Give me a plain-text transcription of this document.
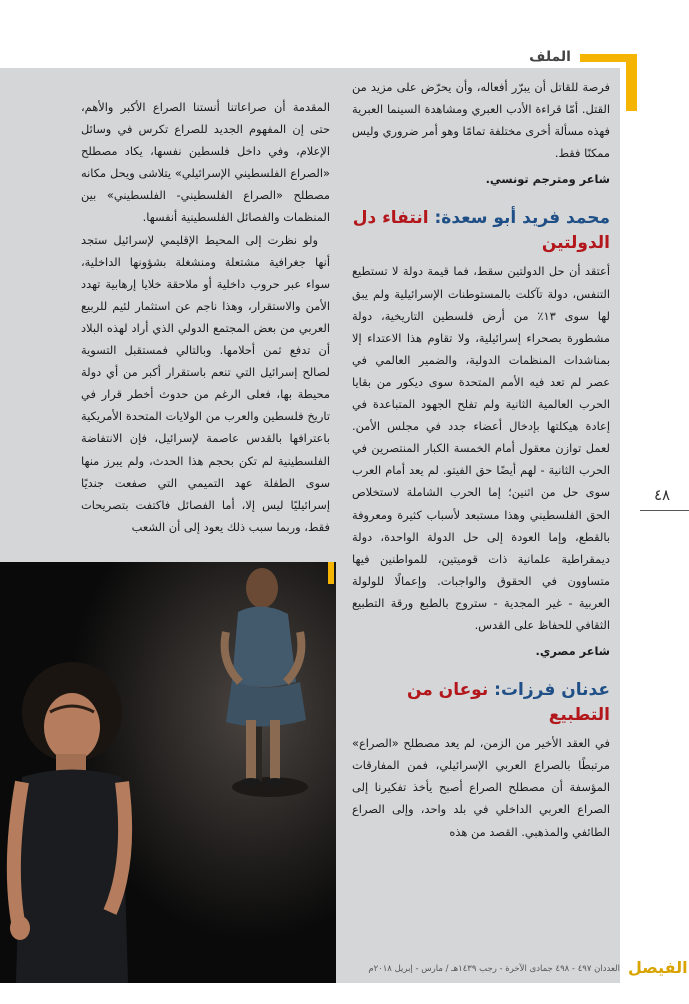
الملف
٤٨

فرصة للقاتل أن يبرّر أفعاله، وأن يحرّض على مزيد من القتل. أمّا قراءة الأدب العبري ومشاهدة السينما العبرية فهذه مسألة أخرى مختلفة تمامًا وهو أمر ضروري وليس ممكنًا فقط.

شاعر ومترجم تونسي.

محمد فريد أبو سعدة: انتفاء دل الدولتين

أعتقد أن حل الدولتين سقط، فما قيمة دولة لا تستطيع التنفس، دولة تآكلت بالمستوطنات الإسرائيلية ولم يبق لها سوى ١٣٪ من أرض فلسطين التاريخية، دولة مشطورة بصحراء إسرائيلية، ولا تقاوم هذا الاعتداء إلا بمناشدات المنظمات الدولية، والضمير العالمي في عصر لم تعد فيه الأمم المتحدة سوى ديكور من بقايا الحرب العالمية الثانية ولم تفلح الجهود المتباعدة في إعادة هيكلتها بإدخال أعضاء جدد في مجلس الأمن. لعمل توازن معقول أمام الخمسة الكبار المنتصرين في الحرب الثانية - لهم أيضًا حق الفيتو. لم يعد أمام العرب سوى حل من اثنين؛ إما الحرب الشاملة لاستخلاص الحق الفلسطيني وهذا مستبعد لأسباب كثيرة ومعروفة بالقطع، وإما العودة إلى حل الدولة الواحدة، دولة ديمقراطية علمانية ذات قوميتين، للمواطنين فيها متساوون في الحقوق والواجبات. وإعمالًا للولولة العربية - غير المجدية - ستروج بالطبع ورقة التطبيع الثقافي للحفاظ على القدس.

شاعر مصري.

عدنان فرزات: نوعان من التطبيع

في العقد الأخير من الزمن، لم يعد مصطلح «الصراع» مرتبطًا بالصراع العربي الإسرائيلي، فمن المفارقات المؤسفة أن مصطلح الصراع أصبح يأخذ تفكيرنا إلى الصراع العربي الداخلي في بلد واحد، وإلى الصراع الطائفي والمذهبي. القصد من هذه

المقدمة أن صراعاتنا أنستنا الصراع الأكبر والأهم، حتى إن المفهوم الجديد للصراع تكرس في وسائل الإعلام، وفي داخل فلسطين نفسها، يكاد مصطلح «الصراع الفلسطيني الإسرائيلي» يتلاشى ويحل مكانه مصطلح «الصراع الفلسطيني- الفلسطيني» بين المنظمات والفصائل الفلسطينية أنفسها.

ولو نظرت إلى المحيط الإقليمي لإسرائيل ستجد أنها جغرافية مشتعلة ومنشغلة بشؤونها الداخلية، سواء عبر حروب داخلية أو ملاحقة خلايا إرهابية تهدد الأمن والاستقرار، وهذا ناجم عن استثمار لئيم للربيع العربي من بعض المجتمع الدولي الذي أراد لهذه البلاد أن تدفع ثمن أحلامها. وبالتالي فمستقبل التسوية لصالح إسرائيل التي تنعم باستقرار أكبر من أي دولة محيطة بها، فعلى الرغم من حدوث أخطر قرار في تاريخ فلسطين والعرب من الولايات المتحدة الأمريكية باعترافها بالقدس عاصمة لإسرائيل، فإن الانتفاضة الفلسطينية لم تكن بحجم هذا الحدث، ولم يبرز منها سوى الطفلة عهد التميمي التي صفعت جنديًا إسرائيليًا ليس إلا، أما الفصائل فاكتفت بتصريحات فقط، وربما سبب ذلك يعود إلى أن الشعب

العددان ٤٩٧ - ٤٩٨ جمادى الآخرة - رجب ١٤٣٩هـ / مارس - إبريل ٢٠١٨م الفيصل
